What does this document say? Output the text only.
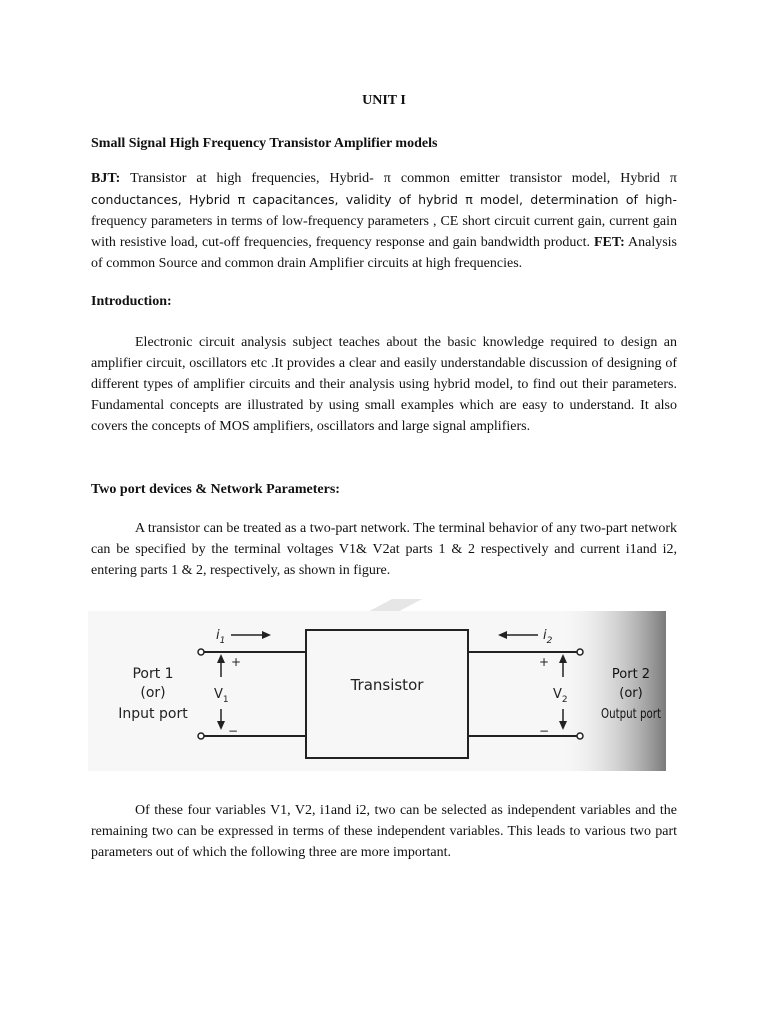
UNIT I
Small Signal High Frequency Transistor Amplifier models

BJT: Transistor at high frequencies, Hybrid- π common emitter transistor model, Hybrid π conductances, Hybrid π capacitances, validity of hybrid π model, determination of high- frequency parameters in terms of low-frequency parameters , CE short circuit current gain, current gain with resistive load, cut-off frequencies, frequency response and gain bandwidth product. FET: Analysis of common Source and common drain Amplifier circuits at high frequencies.

Introduction:

Electronic circuit analysis subject teaches about the basic knowledge required to design an amplifier circuit, oscillators etc .It provides a clear and easily understandable discussion of designing of different types of amplifier circuits and their analysis using hybrid model, to find out their parameters. Fundamental concepts are illustrated by using small examples which are easy to understand. It also covers the concepts of MOS amplifiers, oscillators and large signal amplifiers.

Two port devices & Network Parameters:

A transistor can be treated as a two-part network. The terminal behavior of any two-part network can be specified by the terminal voltages V1& V2at parts 1 & 2 respectively and current i1and i2, entering parts 1 & 2, respectively, as shown in figure.

Transistor
$i_1$	$i_2$
+
$V_1$
−
+
$V_2$
−
Port 1
(or)
Input port
Port 2
(or)
Output port

Of these four variables V1, V2, i1and i2, two can be selected as independent variables and the remaining two can be expressed in terms of these independent variables. This leads to various two part parameters out of which the following three are more important.
